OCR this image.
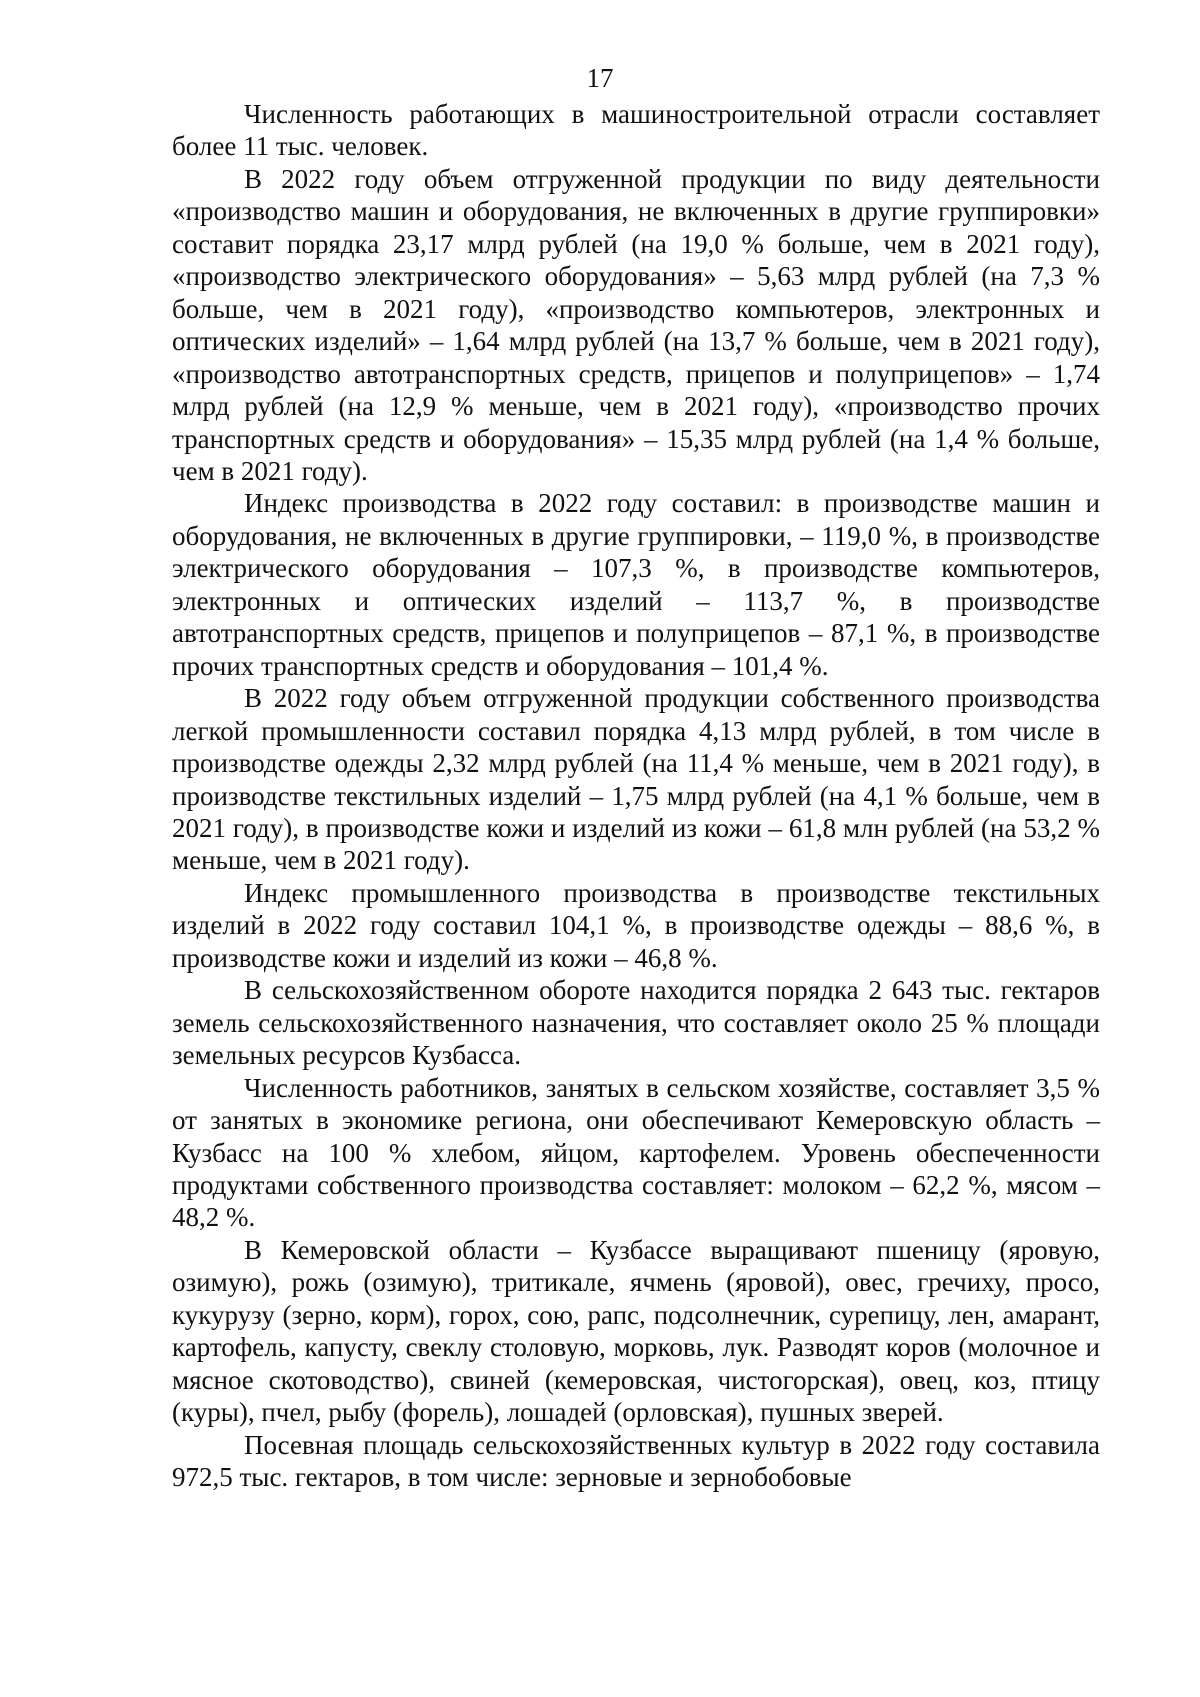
17

Численность работающих в машиностроительной отрасли составляет более 11 тыс. человек.

В 2022 году объем отгруженной продукции по виду деятельности «производство машин и оборудования, не включенных в другие группировки» составит порядка 23,17 млрд рублей (на 19,0 % больше, чем в 2021 году), «производство электрического оборудования» – 5,63 млрд рублей (на 7,3 % больше, чем в 2021 году), «производство компьютеров, электронных и оптических изделий» – 1,64 млрд рублей (на 13,7 % больше, чем в 2021 году), «производство автотранспортных средств, прицепов и полуприцепов» – 1,74 млрд рублей (на 12,9 % меньше, чем в 2021 году), «производство прочих транспортных средств и оборудования» – 15,35 млрд рублей (на 1,4 % больше, чем в 2021 году).

Индекс производства в 2022 году составил: в производстве машин и оборудования, не включенных в другие группировки, – 119,0 %, в производстве электрического оборудования – 107,3 %, в производстве компьютеров, электронных и оптических изделий – 113,7 %, в производстве автотранспортных средств, прицепов и полуприцепов – 87,1 %, в производстве прочих транспортных средств и оборудования – 101,4 %.

В 2022 году объем отгруженной продукции собственного производства легкой промышленности составил порядка 4,13 млрд рублей, в том числе в производстве одежды 2,32 млрд рублей (на 11,4 % меньше, чем в 2021 году), в производстве текстильных изделий – 1,75 млрд рублей (на 4,1 % больше, чем в 2021 году), в производстве кожи и изделий из кожи – 61,8 млн рублей (на 53,2 % меньше, чем в 2021 году).

Индекс промышленного производства в производстве текстильных изделий в 2022 году составил 104,1 %, в производстве одежды – 88,6 %, в производстве кожи и изделий из кожи – 46,8 %.

В сельскохозяйственном обороте находится порядка 2 643 тыс. гектаров земель сельскохозяйственного назначения, что составляет около 25 % площади земельных ресурсов Кузбасса.

Численность работников, занятых в сельском хозяйстве, составляет 3,5 % от занятых в экономике региона, они обеспечивают Кемеровскую область – Кузбасс на 100 % хлебом, яйцом, картофелем. Уровень обеспеченности продуктами собственного производства составляет: молоком – 62,2 %, мясом – 48,2 %.

В Кемеровской области – Кузбассе выращивают пшеницу (яровую, озимую), рожь (озимую), тритикале, ячмень (яровой), овес, гречиху, просо, кукурузу (зерно, корм), горох, сою, рапс, подсолнечник, сурепицу, лен, амарант, картофель, капусту, свеклу столовую, морковь, лук. Разводят коров (молочное и мясное скотоводство), свиней (кемеровская, чистогорская), овец, коз, птицу (куры), пчел, рыбу (форель), лошадей (орловская), пушных зверей.

Посевная площадь сельскохозяйственных культур в 2022 году составила 972,5 тыс. гектаров, в том числе: зерновые и зернобобовые
